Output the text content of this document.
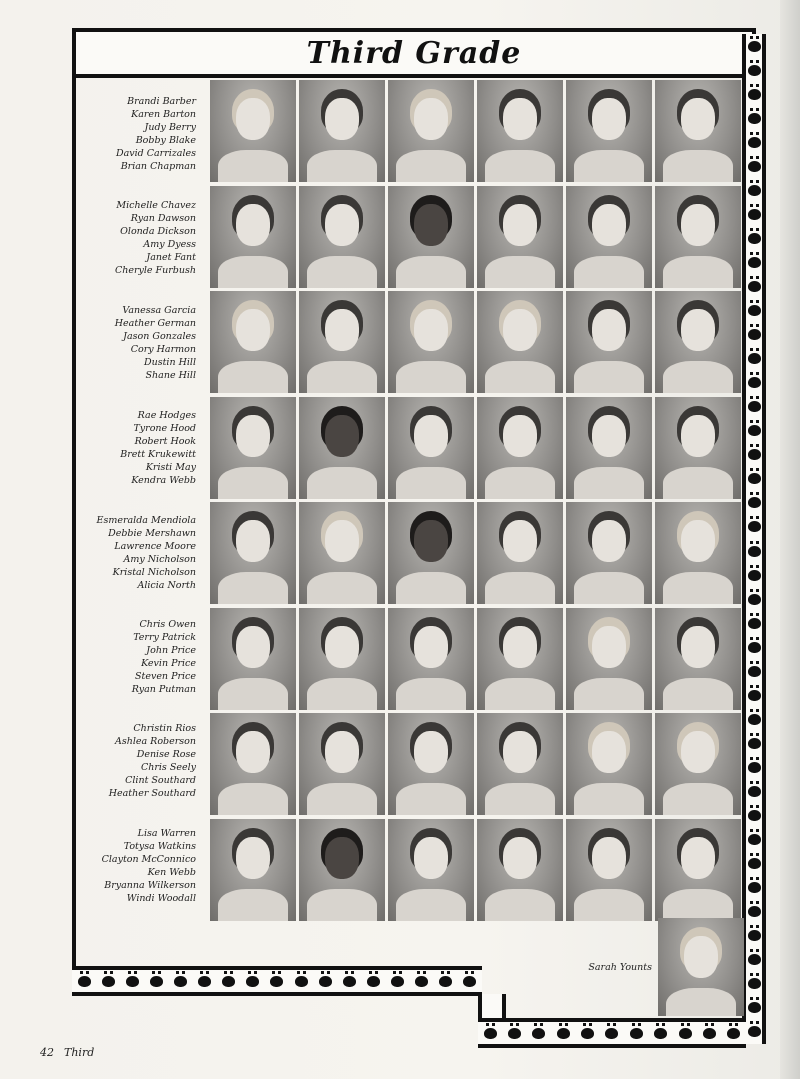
Third Grade
Brandi Barber
Karen Barton
Judy Berry
Bobby Blake
David Carrizales
Brian Chapman
Michelle Chavez
Ryan Dawson
Olonda Dickson
Amy Dyess
Janet Fant
Cheryle Furbush
Vanessa Garcia
Heather German
Jason Gonzales
Cory Harmon
Dustin Hill
Shane Hill
Rae Hodges
Tyrone Hood
Robert Hook
Brett Krukewitt
Kristi May
Kendra Webb
Esmeralda Mendiola
Debbie Mershawn
Lawrence Moore
Amy Nicholson
Kristal Nicholson
Alicia North
Chris Owen
Terry Patrick
John Price
Kevin Price
Steven Price
Ryan Putman
Christin Rios
Ashlea Roberson
Denise Rose
Chris Seely
Clint Southard
Heather Southard
Lisa Warren
Totysa Watkins
Clayton McConnico
Ken Webb
Bryanna Wilkerson
Windi Woodall
Sarah Younts
42 Third
